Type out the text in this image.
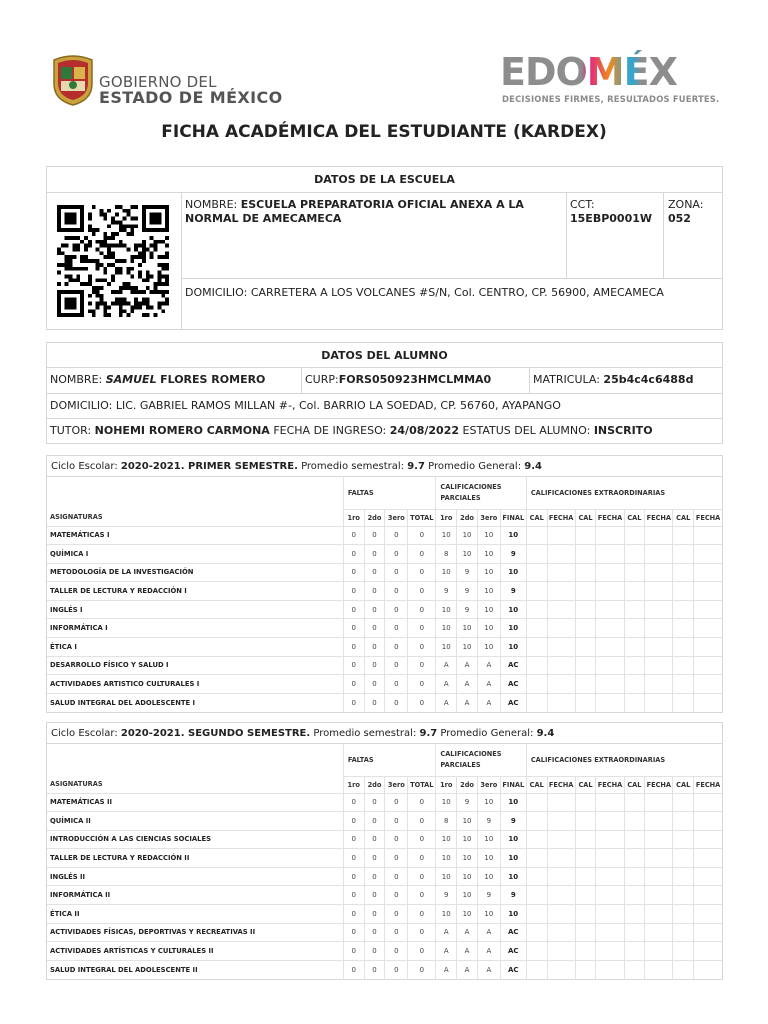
GOBIERNO DEL
ESTADO DE MÉXICO
EDOMÉX
DECISIONES FIRMES, RESULTADOS FUERTES.
FICHA ACADÉMICA DEL ESTUDIANTE (KARDEX)
DATOS DE LA ESCUELA
NOMBRE: ESCUELA PREPARATORIA OFICIAL ANEXA A LA NORMAL DE AMECAMECA
CCT:
15EBP0001W
ZONA:
052
DOMICILIO: CARRETERA A LOS VOLCANES #S/N, Col. CENTRO, CP. 56900, AMECAMECA
DATOS DEL ALUMNO
NOMBRE: SAMUEL FLORES ROMERO	CURP:FORS050923HMCLMMA0	MATRICULA: 25b4c4c6488d
DOMICILIO: LIC. GABRIEL RAMOS MILLAN #-, Col. BARRIO LA SOEDAD, CP. 56760, AYAPANGO
TUTOR: NOHEMI ROMERO CARMONA FECHA DE INGRESO: 24/08/2022 ESTATUS DEL ALUMNO: INSCRITO
Ciclo Escolar: 2020-2021. PRIMER SEMESTRE. Promedio semestral: 9.7 Promedio General: 9.4
ASIGNATURAS	FALTAS				CALIFICACIONES PARCIALES				CALIFICACIONES EXTRAORDINARIAS							
	1ro	2do	3ero	TOTAL	1ro	2do	3ero	FINAL	CAL	FECHA	CAL	FECHA	CAL	FECHA	CAL	FECHA
MATEMÁTICAS I	0	0	0	0	10	10	10	10								
QUÍMICA I	0	0	0	0	8	10	10	9								
METODOLOGÍA DE LA INVESTIGACIÓN	0	0	0	0	10	9	10	10								
TALLER DE LECTURA Y REDACCIÓN I	0	0	0	0	9	9	10	9								
INGLÉS I	0	0	0	0	10	9	10	10								
INFORMÁTICA I	0	0	0	0	10	10	10	10								
ÉTICA I	0	0	0	0	10	10	10	10								
DESARROLLO FÍSICO Y SALUD I	0	0	0	0	A	A	A	AC								
ACTIVIDADES ARTISTICO CULTURALES I	0	0	0	0	A	A	A	AC								
SALUD INTEGRAL DEL ADOLESCENTE I	0	0	0	0	A	A	A	AC								
Ciclo Escolar: 2020-2021. SEGUNDO SEMESTRE. Promedio semestral: 9.7 Promedio General: 9.4
ASIGNATURAS	FALTAS				CALIFICACIONES PARCIALES				CALIFICACIONES EXTRAORDINARIAS							
	1ro	2do	3ero	TOTAL	1ro	2do	3ero	FINAL	CAL	FECHA	CAL	FECHA	CAL	FECHA	CAL	FECHA
MATEMÁTICAS II	0	0	0	0	10	9	10	10								
QUÍMICA II	0	0	0	0	8	10	9	9								
INTRODUCCIÓN A LAS CIENCIAS SOCIALES	0	0	0	0	10	10	10	10								
TALLER DE LECTURA Y REDACCIÓN II	0	0	0	0	10	10	10	10								
INGLÉS II	0	0	0	0	10	10	10	10								
INFORMÁTICA II	0	0	0	0	9	10	9	9								
ÉTICA II	0	0	0	0	10	10	10	10								
ACTIVIDADES FÍSICAS, DEPORTIVAS Y RECREATIVAS II	0	0	0	0	A	A	A	AC								
ACTIVIDADES ARTÍSTICAS Y CULTURALES II	0	0	0	0	A	A	A	AC								
SALUD INTEGRAL DEL ADOLESCENTE II	0	0	0	0	A	A	A	AC								
